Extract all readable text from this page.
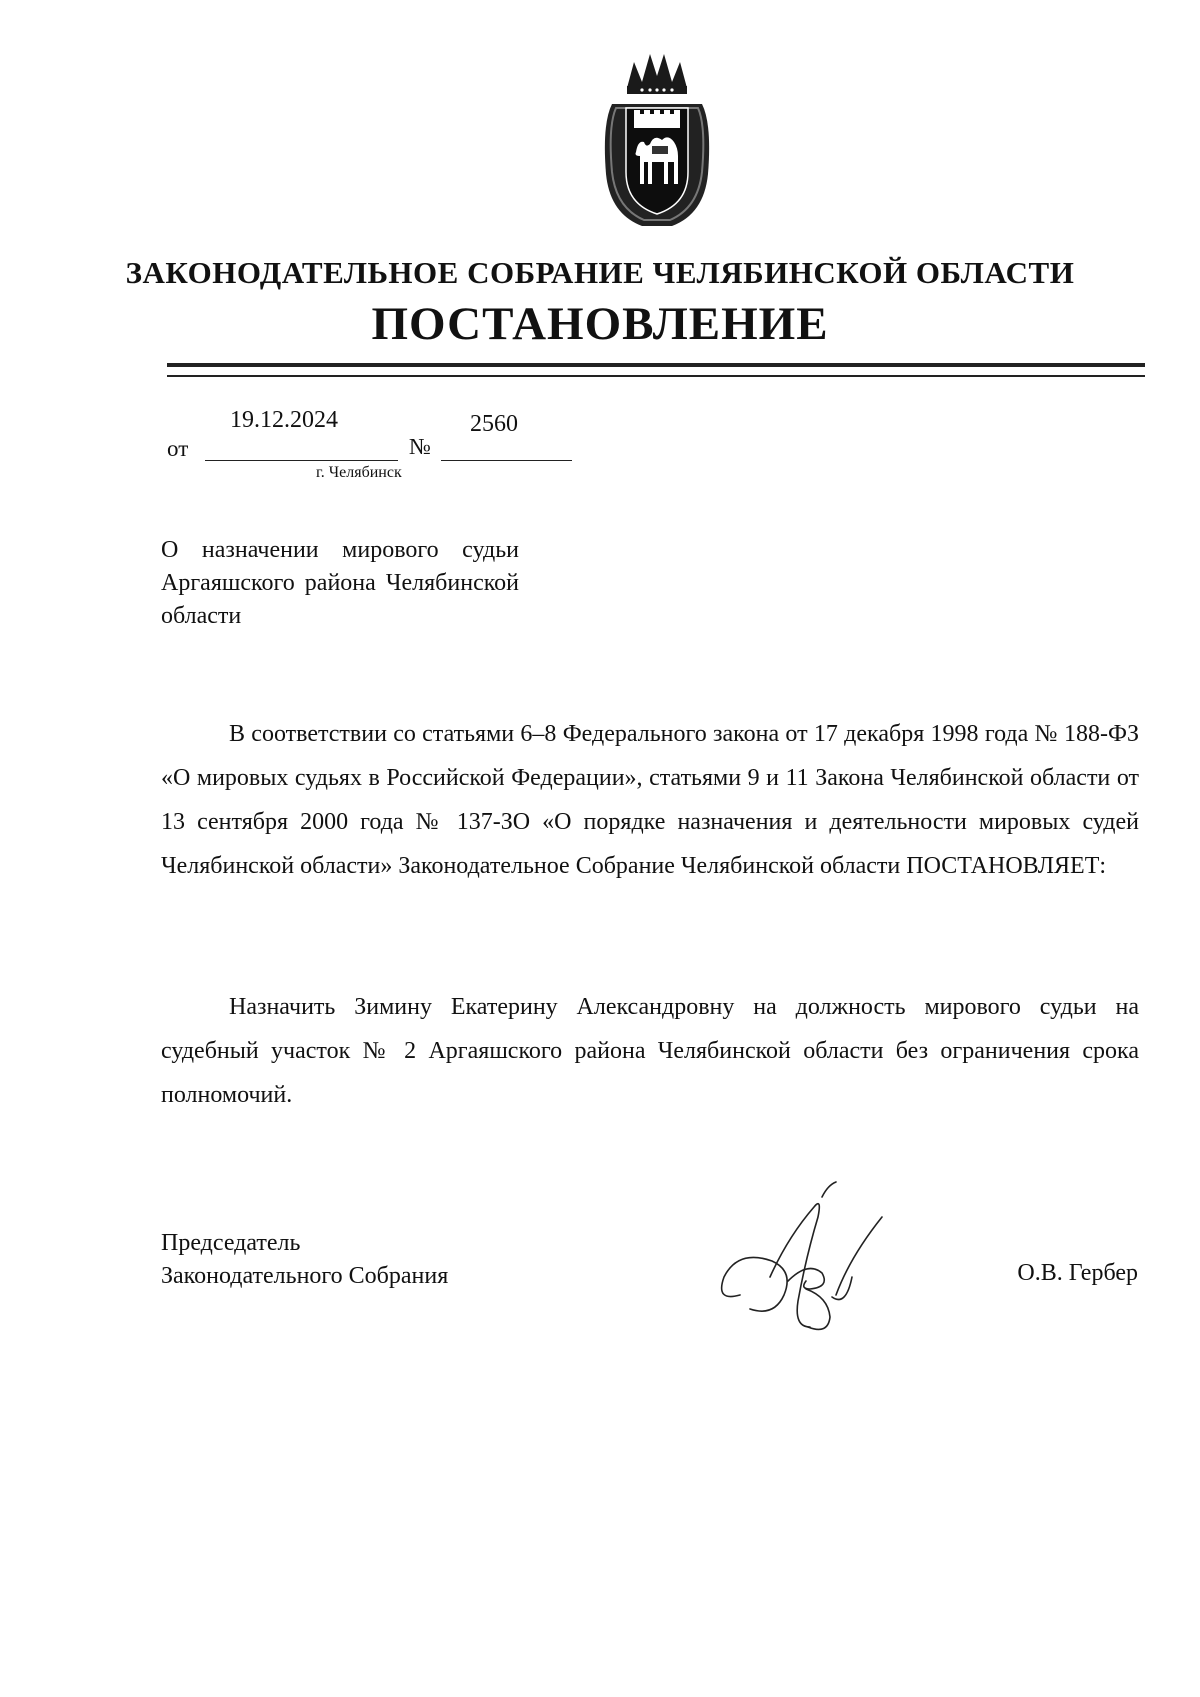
ЗАКОНОДАТЕЛЬНОЕ СОБРАНИЕ ЧЕЛЯБИНСКОЙ ОБЛАСТИ
ПОСТАНОВЛЕНИЕ
от
19.12.2024
№
2560
г. Челябинск
О назначении мирового судьи Аргаяшского района Челябинской области
В соответствии со статьями 6–8 Федерального закона от 17 декабря 1998 года № 188-ФЗ «О мировых судьях в Российской Федерации», статьями 9 и 11 Закона Челябинской области от 13 сентября 2000 года № 137-ЗО «О порядке назначения и деятельности мировых судей Челябинской области» Законодательное Собрание Челябинской области ПОСТАНОВЛЯЕТ:
Назначить Зимину Екатерину Александровну на должность мирового судьи на судебный участок № 2 Аргаяшского района Челябинской области без ограничения срока полномочий.
Председатель
Законодательного Собрания	О.В. Гербер
